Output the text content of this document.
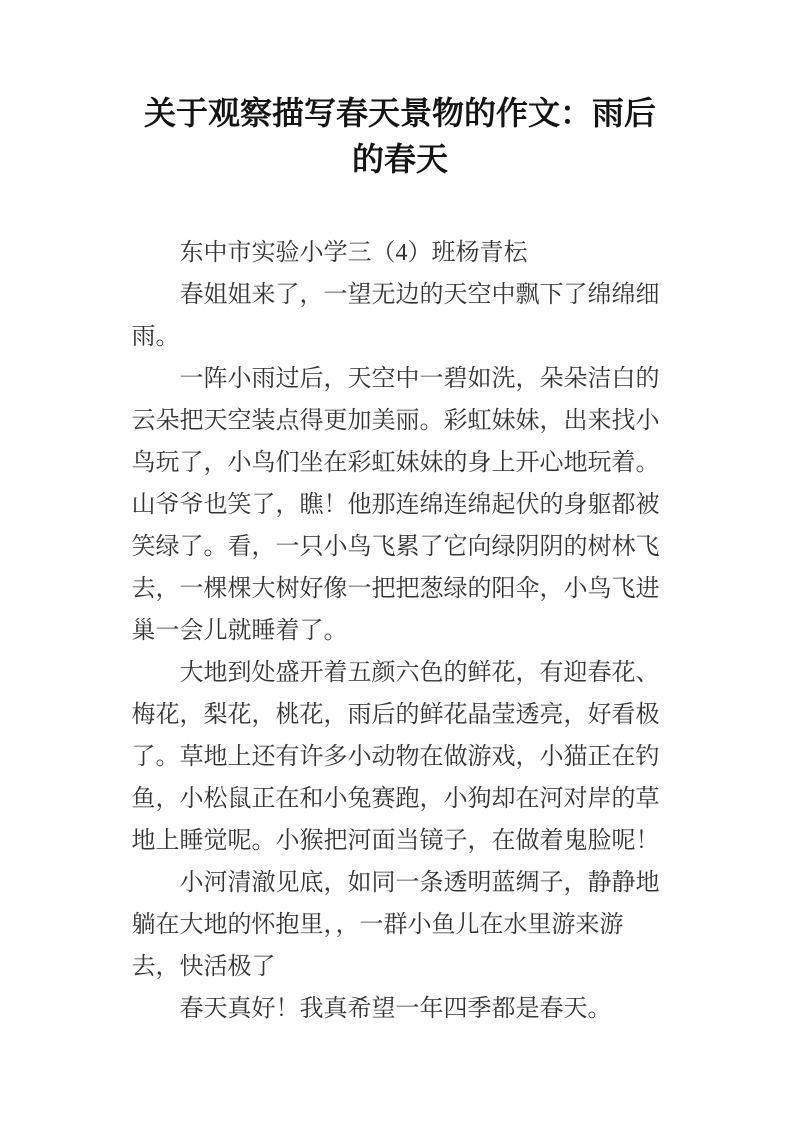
关于观察描写春天景物的作文：雨后的春天

东中市实验小学三（4）班杨青枟

春姐姐来了，一望无边的天空中飘下了绵绵细雨。

一阵小雨过后，天空中一碧如洗，朵朵洁白的云朵把天空装点得更加美丽。彩虹妹妹，出来找小鸟玩了，小鸟们坐在彩虹妹妹的身上开心地玩着。山爷爷也笑了，瞧！他那连绵连绵起伏的身躯都被笑绿了。看，一只小鸟飞累了它向绿阴阴的树林飞去，一棵棵大树好像一把把葱绿的阳伞，小鸟飞进巢一会儿就睡着了。

大地到处盛开着五颜六色的鲜花，有迎春花、梅花，梨花，桃花，雨后的鲜花晶莹透亮，好看极了。草地上还有许多小动物在做游戏，小猫正在钓鱼，小松鼠正在和小兔赛跑，小狗却在河对岸的草地上睡觉呢。小猴把河面当镜子，在做着鬼脸呢！

小河清澈见底，如同一条透明蓝绸子，静静地躺在大地的怀抱里，，一群小鱼儿在水里游来游去，快活极了

春天真好！我真希望一年四季都是春天。
